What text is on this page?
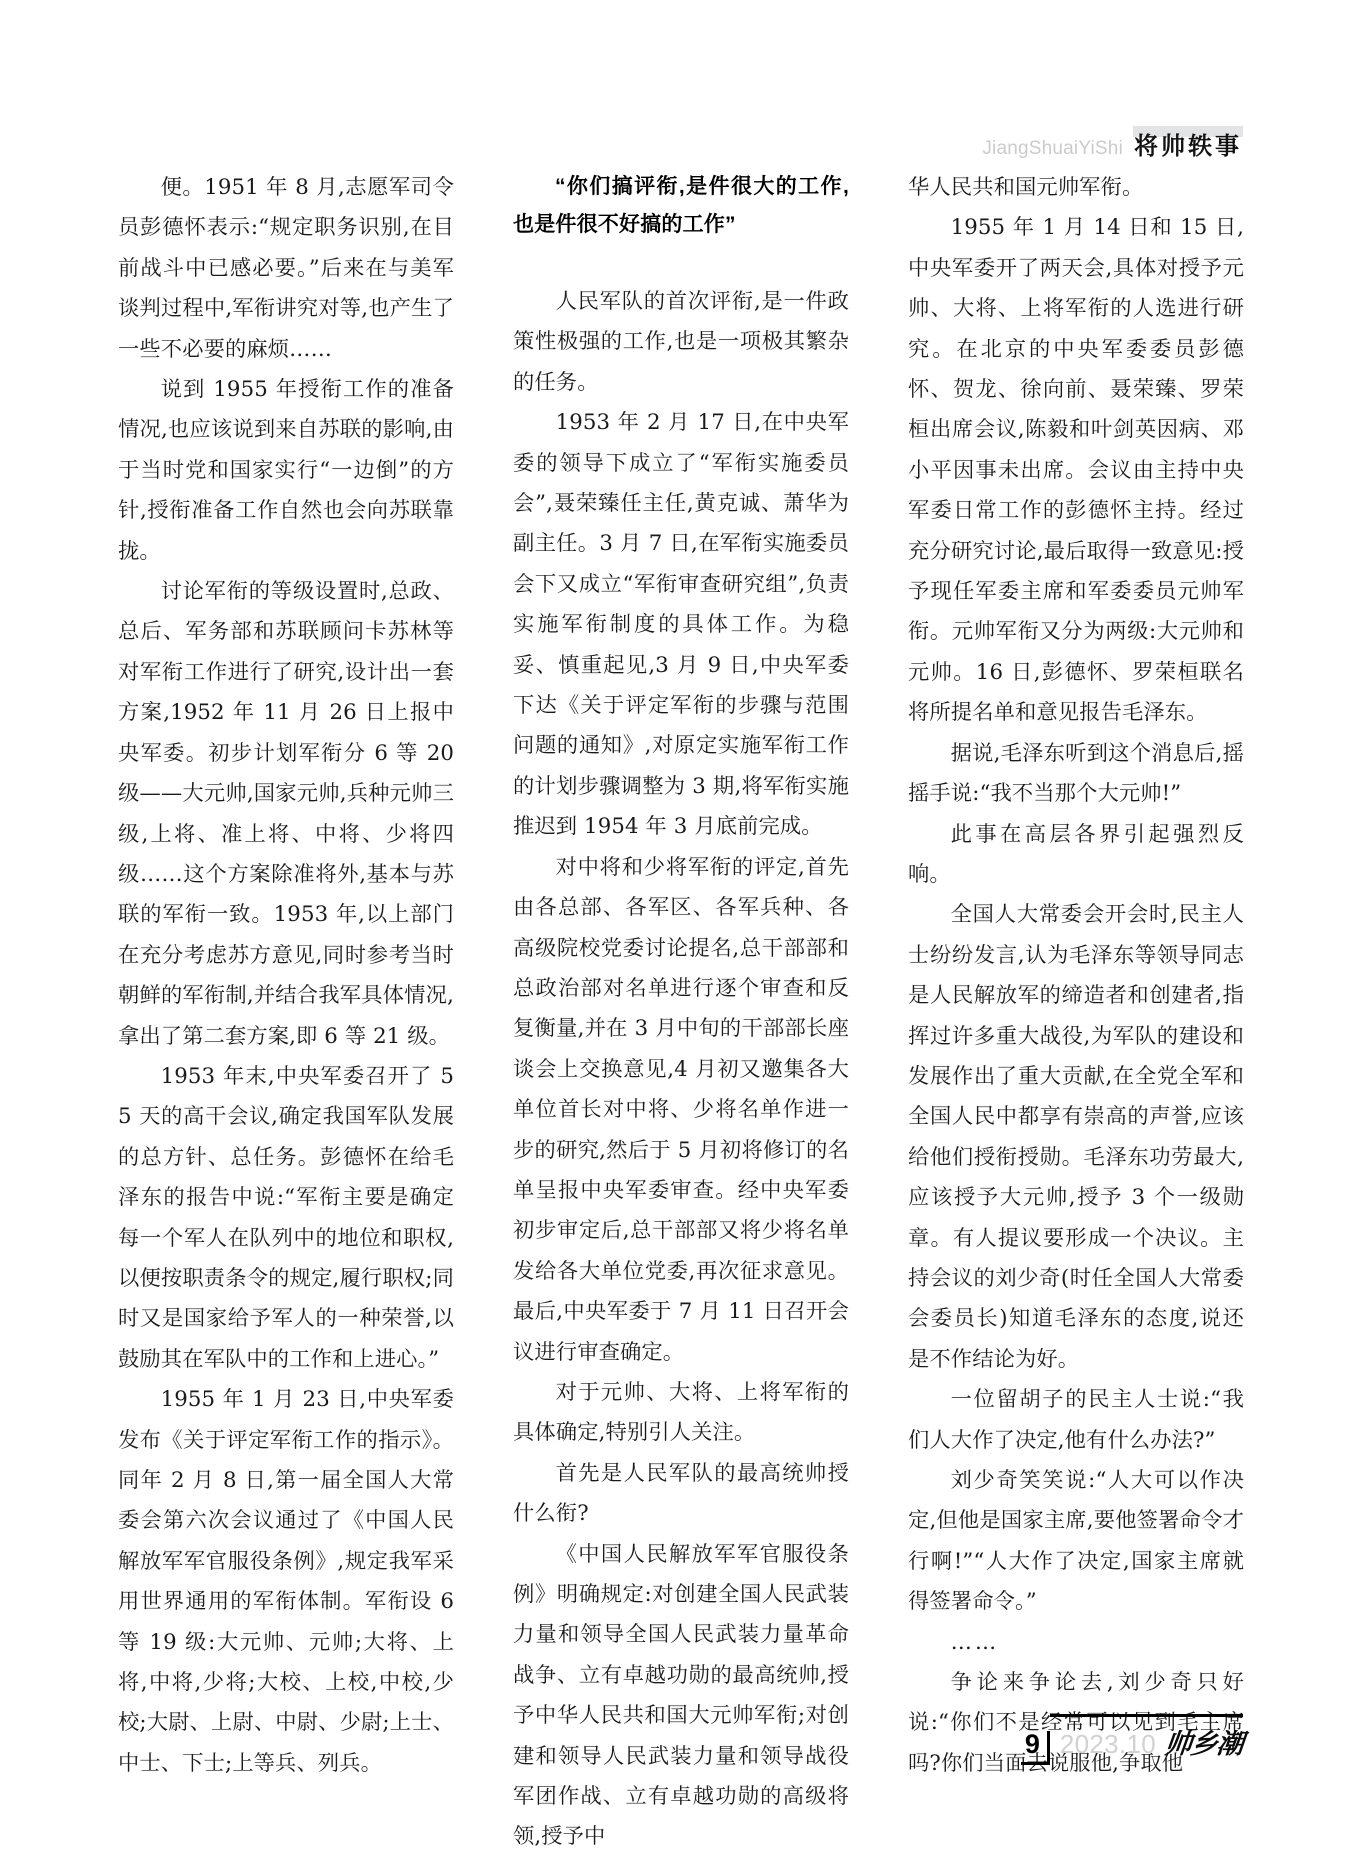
JiangShuaiYiShi 将帅轶事

便。1951 年 8 月,志愿军司令员彭德怀表示:“规定职务识别,在目前战斗中已感必要。”后来在与美军谈判过程中,军衔讲究对等,也产生了一些不必要的麻烦……

说到 1955 年授衔工作的准备情况,也应该说到来自苏联的影响,由于当时党和国家实行“一边倒”的方针,授衔准备工作自然也会向苏联靠拢。

讨论军衔的等级设置时,总政、总后、军务部和苏联顾问卡苏林等对军衔工作进行了研究,设计出一套方案,1952 年 11 月 26 日上报中央军委。初步计划军衔分 6 等 20 级——大元帅,国家元帅,兵种元帅三级,上将、准上将、中将、少将四级……这个方案除准将外,基本与苏联的军衔一致。1953 年,以上部门在充分考虑苏方意见,同时参考当时朝鲜的军衔制,并结合我军具体情况,拿出了第二套方案,即 6 等 21 级。

1953 年末,中央军委召开了 55 天的高干会议,确定我国军队发展的总方针、总任务。彭德怀在给毛泽东的报告中说:“军衔主要是确定每一个军人在队列中的地位和职权,以便按职责条令的规定,履行职权;同时又是国家给予军人的一种荣誉,以鼓励其在军队中的工作和上进心。”

1955 年 1 月 23 日,中央军委发布《关于评定军衔工作的指示》。同年 2 月 8 日,第一届全国人大常委会第六次会议通过了《中国人民解放军军官服役条例》,规定我军采用世界通用的军衔体制。军衔设 6 等 19 级:大元帅、元帅;大将、上将,中将,少将;大校、上校,中校,少校;大尉、上尉、中尉、少尉;上士、中士、下士;上等兵、列兵。

“你们搞评衔,是件很大的工作,也是件很不好搞的工作”

人民军队的首次评衔,是一件政策性极强的工作,也是一项极其繁杂的任务。

1953 年 2 月 17 日,在中央军委的领导下成立了“军衔实施委员会”,聂荣臻任主任,黄克诚、萧华为副主任。3 月 7 日,在军衔实施委员会下又成立“军衔审查研究组”,负责实施军衔制度的具体工作。为稳妥、慎重起见,3 月 9 日,中央军委下达《关于评定军衔的步骤与范围问题的通知》,对原定实施军衔工作的计划步骤调整为 3 期,将军衔实施推迟到 1954 年 3 月底前完成。

对中将和少将军衔的评定,首先由各总部、各军区、各军兵种、各高级院校党委讨论提名,总干部部和总政治部对名单进行逐个审查和反复衡量,并在 3 月中旬的干部部长座谈会上交换意见,4 月初又邀集各大单位首长对中将、少将名单作进一步的研究,然后于 5 月初将修订的名单呈报中央军委审查。经中央军委初步审定后,总干部部又将少将名单发给各大单位党委,再次征求意见。最后,中央军委于 7 月 11 日召开会议进行审查确定。

对于元帅、大将、上将军衔的具体确定,特别引人关注。

首先是人民军队的最高统帅授什么衔?

《中国人民解放军军官服役条例》明确规定:对创建全国人民武装力量和领导全国人民武装力量革命战争、立有卓越功勋的最高统帅,授予中华人民共和国大元帅军衔;对创建和领导人民武装力量和领导战役军团作战、立有卓越功勋的高级将领,授予中

华人民共和国元帅军衔。

1955 年 1 月 14 日和 15 日,中央军委开了两天会,具体对授予元帅、大将、上将军衔的人选进行研究。在北京的中央军委委员彭德怀、贺龙、徐向前、聂荣臻、罗荣桓出席会议,陈毅和叶剑英因病、邓小平因事未出席。会议由主持中央军委日常工作的彭德怀主持。经过充分研究讨论,最后取得一致意见:授予现任军委主席和军委委员元帅军衔。元帅军衔又分为两级:大元帅和元帅。16 日,彭德怀、罗荣桓联名将所提名单和意见报告毛泽东。

据说,毛泽东听到这个消息后,摇摇手说:“我不当那个大元帅!”

此事在高层各界引起强烈反响。

全国人大常委会开会时,民主人士纷纷发言,认为毛泽东等领导同志是人民解放军的缔造者和创建者,指挥过许多重大战役,为军队的建设和发展作出了重大贡献,在全党全军和全国人民中都享有崇高的声誉,应该给他们授衔授勋。毛泽东功劳最大,应该授予大元帅,授予 3 个一级勋章。有人提议要形成一个决议。主持会议的刘少奇(时任全国人大常委会委员长)知道毛泽东的态度,说还是不作结论为好。

一位留胡子的民主人士说:“我们人大作了决定,他有什么办法?”

刘少奇笑笑说:“人大可以作决定,但他是国家主席,要他签署命令才行啊!”“人大作了决定,国家主席就得签署命令。”

……

争论来争论去,刘少奇只好说:“你们不是经常可以见到毛主席吗?你们当面去说服他,争取他

9 2023.10 帅乡潮
